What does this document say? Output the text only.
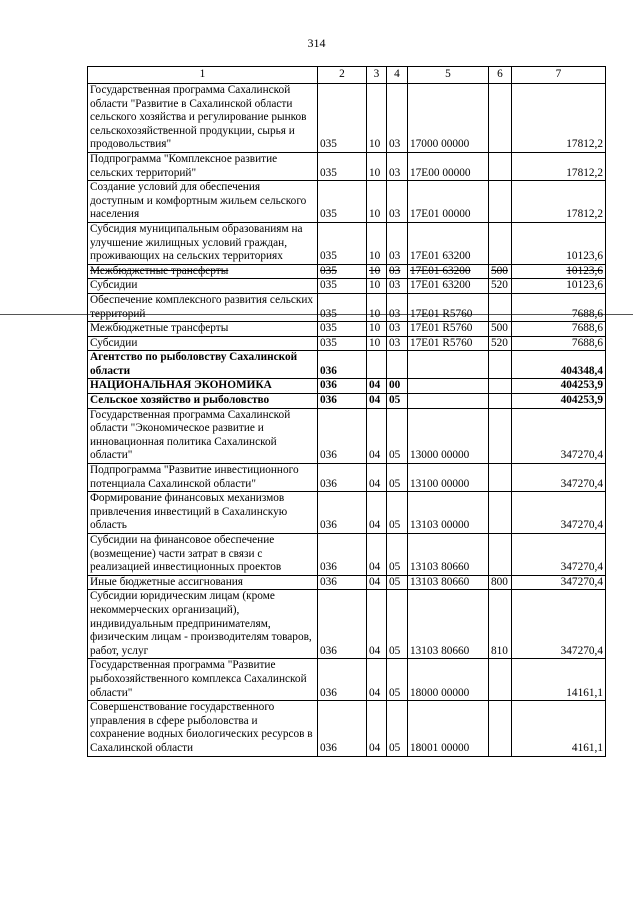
314
1	2	3	4	5	6	7
Государственная программа Сахалинской области "Развитие в Сахалинской области сельского хозяйства и регулирование рынков сельскохозяйственной продукции, сырья и продовольствия"	035	10	03	17000 00000		17812,2
Подпрограмма "Комплексное развитие сельских территорий"	035	10	03	17Е00 00000		17812,2
Создание условий для обеспечения доступным и комфортным жильем сельского населения	035	10	03	17Е01 00000		17812,2
Субсидия муниципальным образованиям на улучшение жилищных условий граждан, проживающих на сельских территориях	035	10	03	17Е01 63200		10123,6
Межбюджетные трансферты	035	10	03	17Е01 63200	500	10123,6
Субсидии	035	10	03	17Е01 63200	520	10123,6
Обеспечение комплексного развития сельских территорий	035	10	03	17Е01 R5760		7688,6
Межбюджетные трансферты	035	10	03	17Е01 R5760	500	7688,6
Субсидии	035	10	03	17Е01 R5760	520	7688,6
Агентство по рыболовству Сахалинской области	036					404348,4
НАЦИОНАЛЬНАЯ ЭКОНОМИКА	036	04	00			404253,9
Сельское хозяйство и рыболовство	036	04	05			404253,9
Государственная программа Сахалинской области "Экономическое развитие и инновационная политика Сахалинской области"	036	04	05	13000 00000		347270,4
Подпрограмма "Развитие инвестиционного потенциала Сахалинской области"	036	04	05	13100 00000		347270,4
Формирование финансовых механизмов привлечения инвестиций в Сахалинскую область	036	04	05	13103 00000		347270,4
Субсидии на финансовое обеспечение (возмещение) части затрат в связи с реализацией инвестиционных проектов	036	04	05	13103 80660		347270,4
Иные бюджетные ассигнования	036	04	05	13103 80660	800	347270,4
Субсидии юридическим лицам (кроме некоммерческих организаций), индивидуальным предпринимателям, физическим лицам - производителям товаров, работ, услуг	036	04	05	13103 80660	810	347270,4
Государственная программа "Развитие рыбохозяйственного комплекса Сахалинской области"	036	04	05	18000 00000		14161,1
Совершенствование государственного управления в сфере рыболовства и сохранение водных биологических ресурсов в Сахалинской области	036	04	05	18001 00000		4161,1
